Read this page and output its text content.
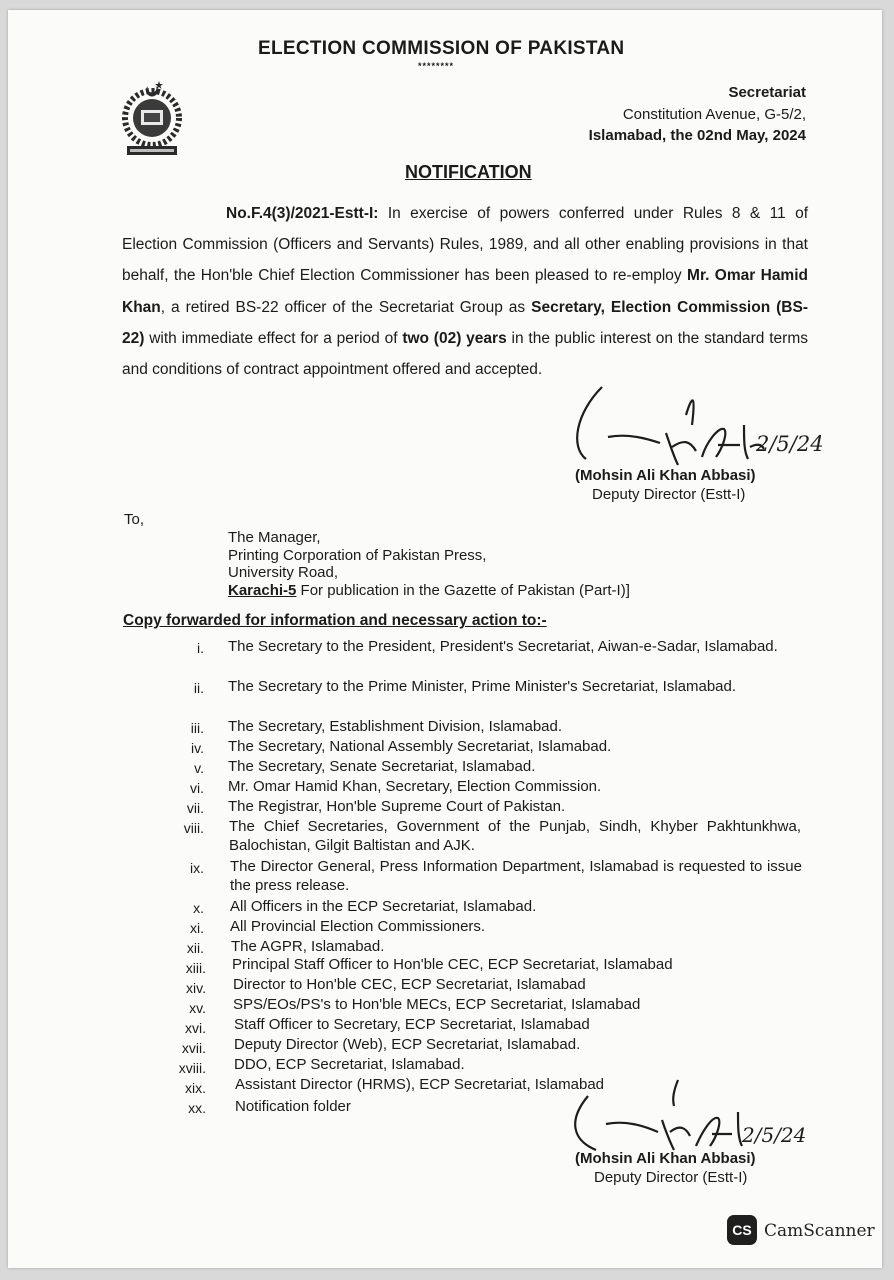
ELECTION COMMISSION OF PAKISTAN
********
Secretariat
Constitution Avenue, G-5/2,
Islamabad, the 02nd May, 2024
NOTIFICATION

No.F.4(3)/2021-Estt-I: In exercise of powers conferred under Rules 8 & 11 of Election Commission (Officers and Servants) Rules, 1989, and all other enabling provisions in that behalf, the Hon'ble Chief Election Commissioner has been pleased to re-employ Mr. Omar Hamid Khan, a retired BS-22 officer of the Secretariat Group as Secretary, Election Commission (BS-22) with immediate effect for a period of two (02) years in the public interest on the standard terms and conditions of contract appointment offered and accepted.

2/5/24
(Mohsin Ali Khan Abbasi)
Deputy Director (Estt-I)
To,
The Manager,
Printing Corporation of Pakistan Press,
University Road,
Karachi-5 For publication in the Gazette of Pakistan (Part-I)]
Copy forwarded for information and necessary action to:-
i. The Secretary to the President, President's Secretariat, Aiwan-e-Sadar, Islamabad.
ii. The Secretary to the Prime Minister, Prime Minister's Secretariat, Islamabad.
iii. The Secretary, Establishment Division, Islamabad.
iv. The Secretary, National Assembly Secretariat, Islamabad.
v. The Secretary, Senate Secretariat, Islamabad.
vi. Mr. Omar Hamid Khan, Secretary, Election Commission.
vii. The Registrar, Hon'ble Supreme Court of Pakistan.
viii. The Chief Secretaries, Government of the Punjab, Sindh, Khyber Pakhtunkhwa, Balochistan, Gilgit Baltistan and AJK.
ix. The Director General, Press Information Department, Islamabad is requested to issue the press release.
x. All Officers in the ECP Secretariat, Islamabad.
xi. All Provincial Election Commissioners.
xii. The AGPR, Islamabad.
xiii. Principal Staff Officer to Hon'ble CEC, ECP Secretariat, Islamabad
xiv. Director to Hon'ble CEC, ECP Secretariat, Islamabad
xv. SPS/EOs/PS's to Hon'ble MECs, ECP Secretariat, Islamabad
xvi. Staff Officer to Secretary, ECP Secretariat, Islamabad
xvii. Deputy Director (Web), ECP Secretariat, Islamabad.
xviii. DDO, ECP Secretariat, Islamabad.
xix. Assistant Director (HRMS), ECP Secretariat, Islamabad
xx. Notification folder
2/5/24
(Mohsin Ali Khan Abbasi)
Deputy Director (Estt-I)
CS CamScanner
